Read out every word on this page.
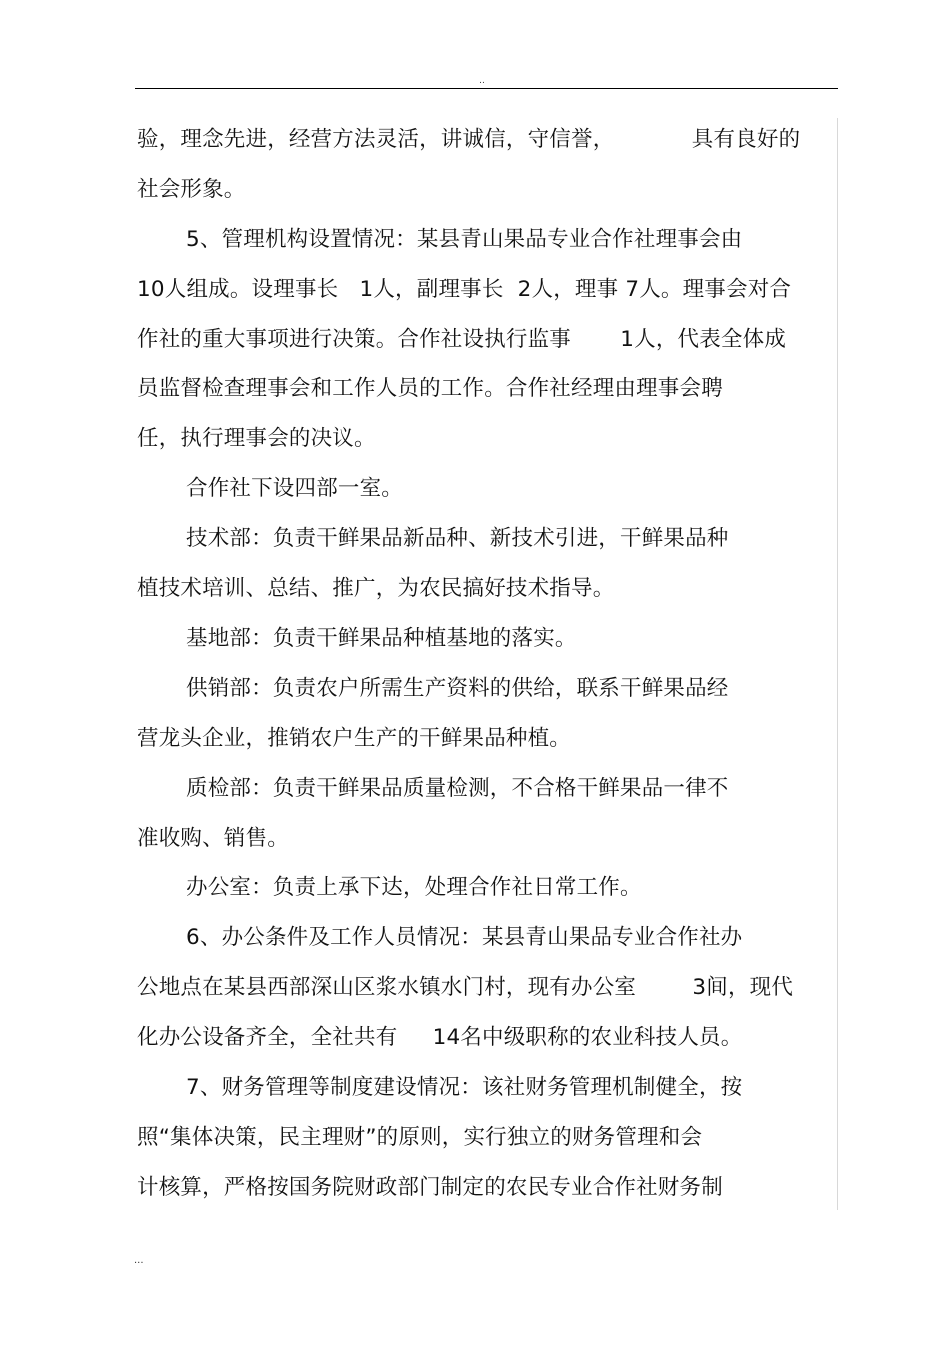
..
验，理念先进，经营方法灵活，讲诚信，守信誉，           具有良好的
社会形象。
5、管理机构设置情况：某县青山果品专业合作社理事会由
10人组成。设理事长   1人，副理事长  2人，理事 7人。理事会对合
作社的重大事项进行决策。合作社设执行监事       1人，代表全体成
员监督检查理事会和工作人员的工作。合作社经理由理事会聘
任，执行理事会的决议。
合作社下设四部一室。
技术部：负责干鲜果品新品种、新技术引进，干鲜果品种
植技术培训、总结、推广，为农民搞好技术指导。
基地部：负责干鲜果品种植基地的落实。
供销部：负责农户所需生产资料的供给，联系干鲜果品经
营龙头企业，推销农户生产的干鲜果品种植。
质检部：负责干鲜果品质量检测，不合格干鲜果品一律不
准收购、销售。
办公室：负责上承下达，处理合作社日常工作。
6、办公条件及工作人员情况：某县青山果品专业合作社办
公地点在某县西部深山区浆水镇水门村，现有办公室        3间，现代
化办公设备齐全，全社共有     14名中级职称的农业科技人员。
7、财务管理等制度建设情况：该社财务管理机制健全，按
照“集体决策，民主理财”的原则，实行独立的财务管理和会
计核算，严格按国务院财政部门制定的农民专业合作社财务制
...
